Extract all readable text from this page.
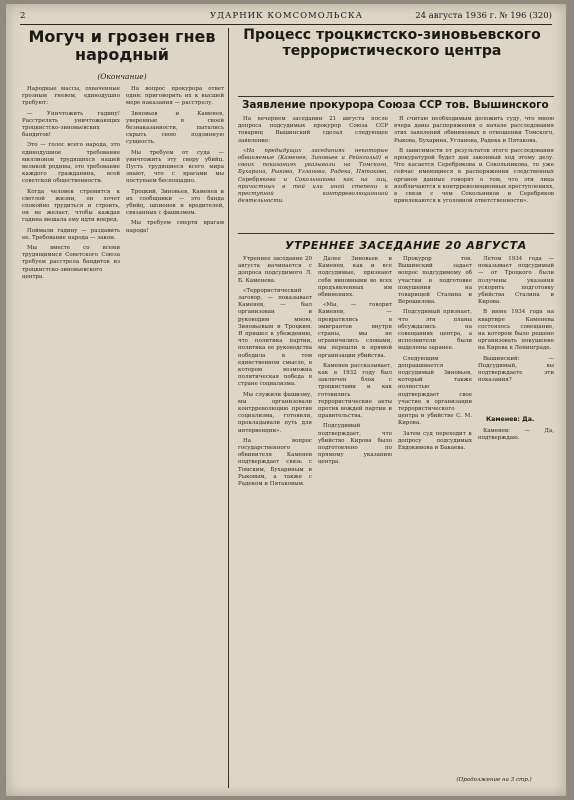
2	УДАРНИК КОМСОМОЛЬСКА	24 августа 1936 г. № 196 (320)
Могуч и грозен гнев народный
(Окончание)

Народные массы, охваченные грозным гневом, единодушно требуют:

— Уничтожить гадину! Расстрелять уничтожающих троцкистско-зиновьевских бандитов!

Это — голос всего народа, это единодушное требование миллионов трудящихся нашей великой родины, это требование каждого гражданина, всей советской общественности.

Когда человек стремится к светлой жизни, он хочет спокойно трудиться и строить, он не желает, чтобы каждая гадина мешала ему идти вперед.

Поймали гадину — раздавить ее. Требование народа — закон.

Мы вместе со всеми трудящимися Советского Союза требуем расстрела бандитов из троцкистско-зиновьевского центра.

На вопрос прокурора ответ один: приговорить их к высшей мере наказания — расстрелу.

Зиновьев и Каменев, уверенные в своей безнаказанности, пытались скрыть свою подлинную сущность.

Мы требуем от суда — уничтожить эту свору убийц. Пусть трудящиеся всего мира знают, что с врагами мы поступаем беспощадно.

Троцкий, Зиновьев, Каменев и их сообщники — это банда убийц, шпионов и вредителей, связанных с фашизмом.

Мы требуем смерти врагам народа!

Процесс троцкистско-зиновьевского террористического центра
Заявление прокурора Союза ССР тов. Вышинского

На вечернем заседании 21 августа после допроса подсудимых прокурор Союза ССР товарищ Вышинский сделал следующее заявление:

«На предыдущих заседаниях некоторые обвиняемые (Каменев, Зиновьев и Рейнгольд) в своих показаниях указывали на Томского, Бухарина, Рыкова, Угланова, Радека, Пятакова, Серебрякова и Сокольникова как на лиц, причастных в той или иной степени к преступной контрреволюционной деятельности.

Я считаю необходимым доложить суду, что мною вчера даны распоряжения о начале расследования этих заявлений обвиняемых в отношении Томского, Рыкова, Бухарина, Угланова, Радека и Пятакова.

В зависимости от результатов этого расследования прокуратурой будет дан законный ход этому делу. Что касается Серебрякова и Сокольникова, то уже сейчас имеющиеся в распоряжении следственных органов данные говорят о том, что эти лица изобличаются в контрреволюционных преступлениях, в связи с чем Сокольников и Серебряков привлекаются к уголовной ответственности».

УТРЕННЕЕ ЗАСЕДАНИЕ 20 АВГУСТА

Утреннее заседание 20 августа начинается с допроса подсудимого Л. Б. Каменева.

«Террористический заговор, — показывает Каменев, — был организован и руководим мною, Зиновьевым и Троцким. Я пришел к убеждению, что политика партии, политика ее руководства победила в том единственном смысле, в котором возможна политическая победа в стране социализма.

Мы служили фашизму, мы организовали контрреволюцию против социализма, готовили, прокладывали путь для интервенции».

На вопрос государственного обвинителя Каменев подтверждает связь с Томским, Бухариным и Рыковым, а также с Радеком и Пятаковым.

Далее Зиновьев и Каменев, как и все подсудимые, признают себя виновными во всех предъявленных им обвинениях.

«Мы, — говорит Каменев, — превратились в эмигрантов внутри страны, мы не ограничились словами, мы перешли к прямой организации убийства.

Каменев рассказывает, как в 1932 году был заключен блок с троцкистами и как готовились террористические акты против вождей партии и правительства.

Подсудимый подтверждает, что убийство Кирова было подготовлено по прямому указанию центра.

Прокурор тов. Вышинский задает вопрос подсудимому об участии в подготовке покушения на товарищей Сталина и Ворошилова.

Подсудимый признает, что эти планы обсуждались на совещаниях центра, а исполнители были выделены заранее.

Следующим допрашивается подсудимый Зиновьев, который также полностью подтверждает свое участие в организации террористического центра и убийстве С. М. Кирова.

Затем суд переходит к допросу подсудимых Евдокимова и Бакаева.

Летом 1934 года — показывает подсудимый — от Троцкого были получены указания ускорить подготовку убийства Сталина и Кирова.

В июне 1934 года на квартире Каменева состоялось совещание, на котором было решено организовать покушение на Кирова в Ленинграде.

Вышинский: — Подсудимый, вы подтверждаете эти показания?

Каменев: Да.

Каменев: — Да, подтверждаю.

(Продолжение на 3 стр.)
